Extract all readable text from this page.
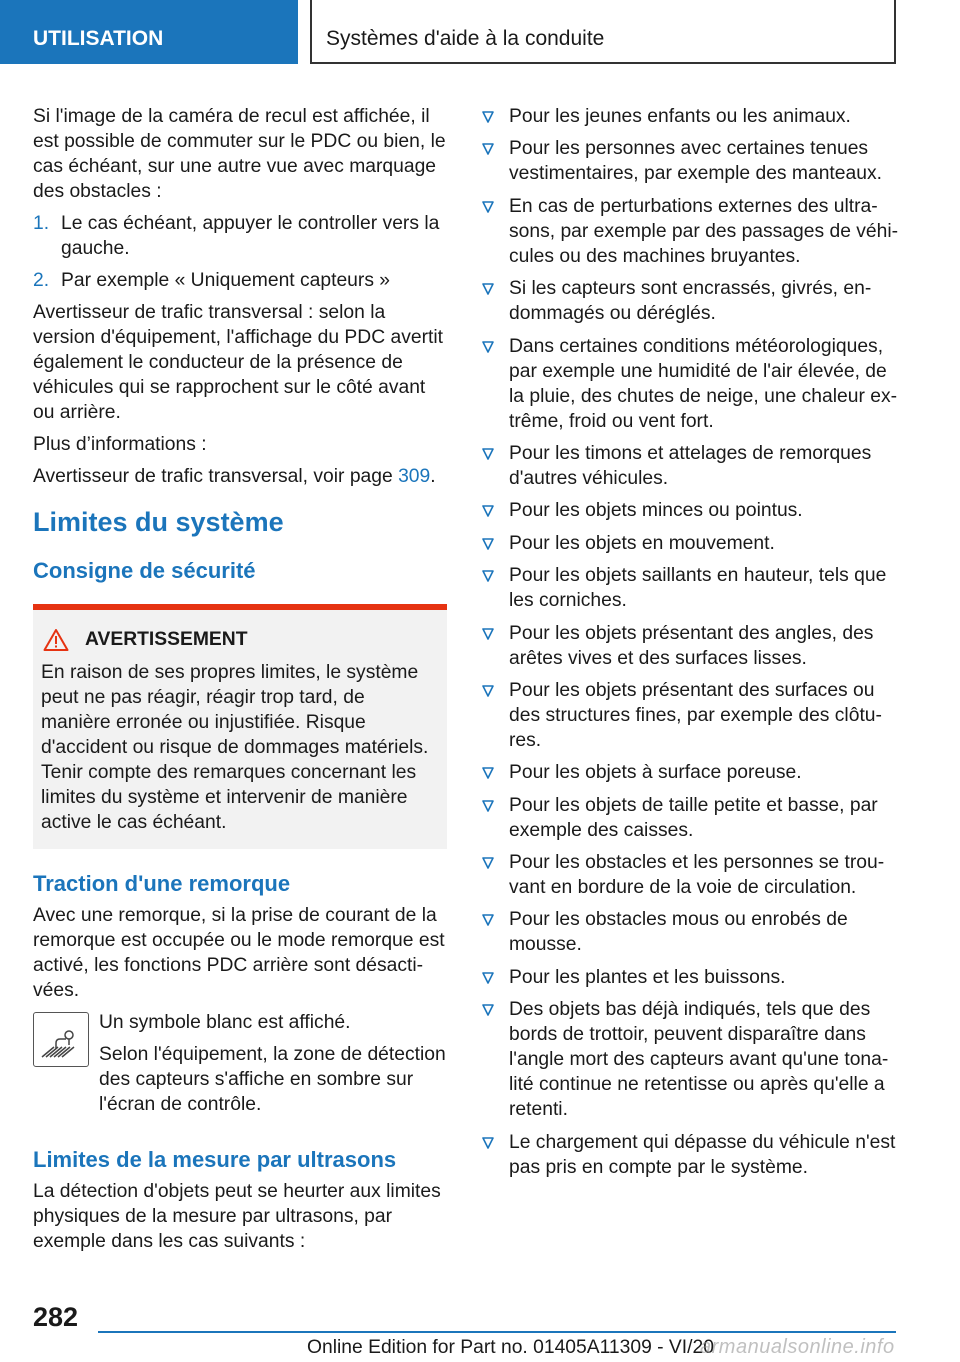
UTILISATION	Systèmes d'aide à la conduite

Si l'image de la caméra de recul est affichée, il est possible de commuter sur le PDC ou bien, le cas échéant, sur une autre vue avec marquage des obstacles :

1. Le cas échéant, appuyer le controller vers la gauche.
2. Par exemple « Uniquement capteurs »

Avertisseur de trafic transversal : selon la version d'équipement, l'affichage du PDC avertit également le conducteur de la présence de véhicules qui se rapprochent sur le côté avant ou arrière.

Plus d’informations :

Avertisseur de trafic transversal, voir page 309.

Limites du système
Consigne de sécurité
AVERTISSEMENT

En raison de ses propres limites, le système peut ne pas réagir, réagir trop tard, de manière erronée ou injustifiée. Risque d'accident ou risque de dommages matériels. Tenir compte des remarques concernant les limites du système et intervenir de manière active le cas échéant.

Traction d'une remorque

Avec une remorque, si la prise de courant de la remorque est occupée ou le mode remorque est activé, les fonctions PDC arrière sont désactivées.

Un symbole blanc est affiché.

Selon l'équipement, la zone de détection des capteurs s'affiche en sombre sur l'écran de contrôle.

Limites de la mesure par ultrasons

La détection d'objets peut se heurter aux limites physiques de la mesure par ultrasons, par exemple dans les cas suivants :

Pour les jeunes enfants ou les animaux.
Pour les personnes avec certaines tenues vestimentaires, par exemple des manteaux.
En cas de perturbations externes des ultrasons, par exemple par des passages de véhicules ou des machines bruyantes.
Si les capteurs sont encrassés, givrés, endommagés ou déréglés.
Dans certaines conditions météorologiques, par exemple une humidité de l'air élevée, de la pluie, des chutes de neige, une chaleur extrême, froid ou vent fort.
Pour les timons et attelages de remorques d'autres véhicules.
Pour les objets minces ou pointus.
Pour les objets en mouvement.
Pour les objets saillants en hauteur, tels que les corniches.
Pour les objets présentant des angles, des arêtes vives et des surfaces lisses.
Pour les objets présentant des surfaces ou des structures fines, par exemple des clôtures.
Pour les objets à surface poreuse.
Pour les objets de taille petite et basse, par exemple des caisses.
Pour les obstacles et les personnes se trouvant en bordure de la voie de circulation.
Pour les obstacles mous ou enrobés de mousse.
Pour les plantes et les buissons.
Des objets bas déjà indiqués, tels que des bords de trottoir, peuvent disparaître dans l'angle mort des capteurs avant qu'une tonalité continue ne retentisse ou après qu'elle a retenti.
Le chargement qui dépasse du véhicule n'est pas pris en compte par le système.
282
Online Edition for Part no. 01405A11309 - VI/20
armanualsonline.info
